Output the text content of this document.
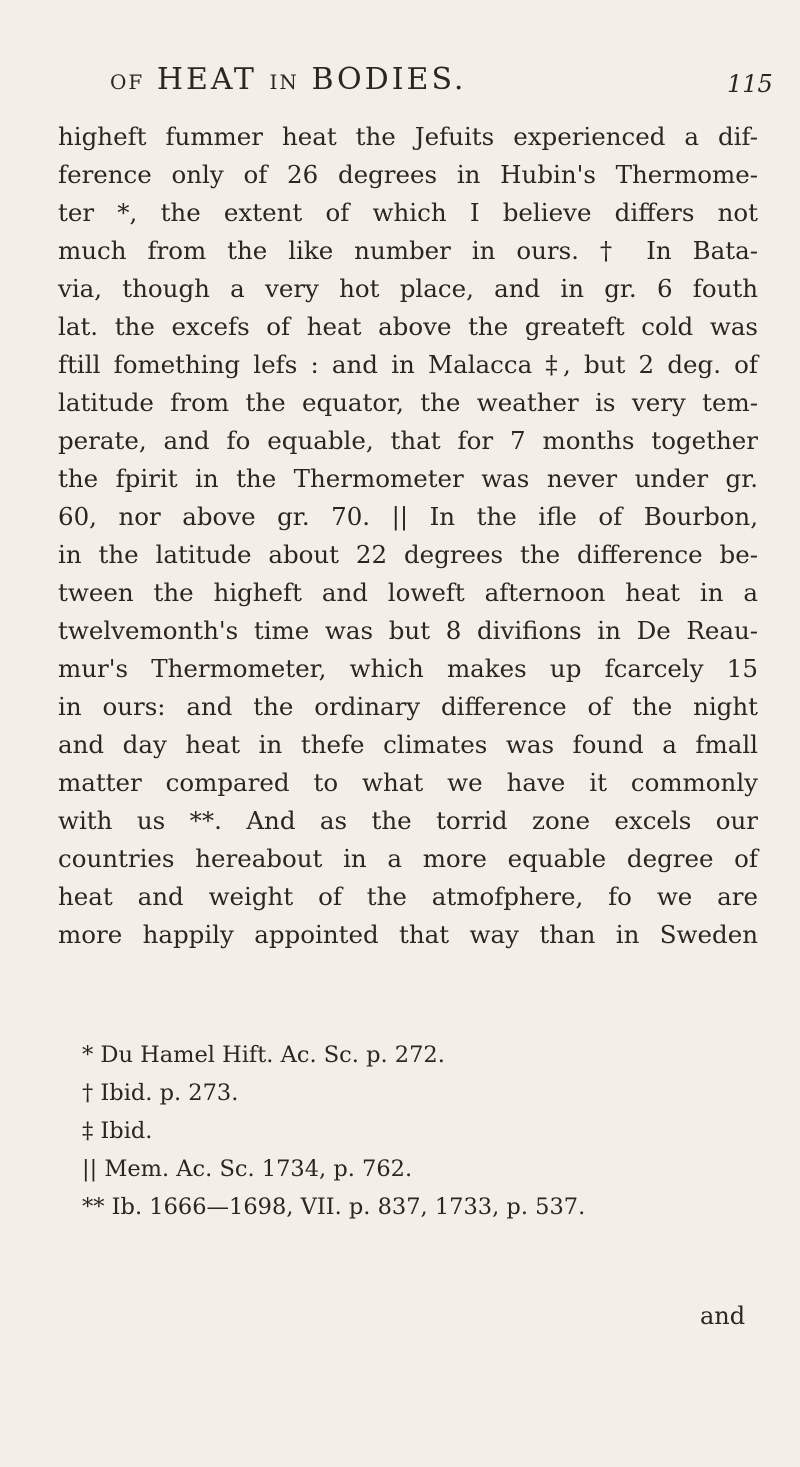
OF HEAT IN BODIES.	115
higheft fummer heat the Jefuits experienced a dif-
ference only of 26 degrees in Hubin's Thermome-
ter *, the extent of which I believe differs not
much from the like number in ours. † In Bata-
via, though a very hot place, and in gr. 6 fouth
lat. the excefs of heat above the greateft cold was
ftill fomething lefs : and in Malacca ‡, but 2 deg. of
latitude from the equator, the weather is very tem-
perate, and fo equable, that for 7 months together
the fpirit in the Thermometer was never under gr.
60, nor above gr. 70. || In the ifle of Bourbon,
in the latitude about 22 degrees the difference be-
tween the higheft and loweft afternoon heat in a
twelvemonth's time was but 8 divifions in De Reau-
mur's Thermometer, which makes up fcarcely 15
in ours: and the ordinary difference of the night
and day heat in thefe climates was found a fmall
matter compared to what we have it commonly
with us **. And as the torrid zone excels our
countries hereabout in a more equable degree of
heat and weight of the atmofphere, fo we are
more happily appointed that way than in Sweden
* Du Hamel Hift. Ac. Sc. p. 272.
† Ibid. p. 273.
‡ Ibid.
|| Mem. Ac. Sc. 1734, p. 762.
** Ib. 1666—1698, VII. p. 837, 1733, p. 537.
and
